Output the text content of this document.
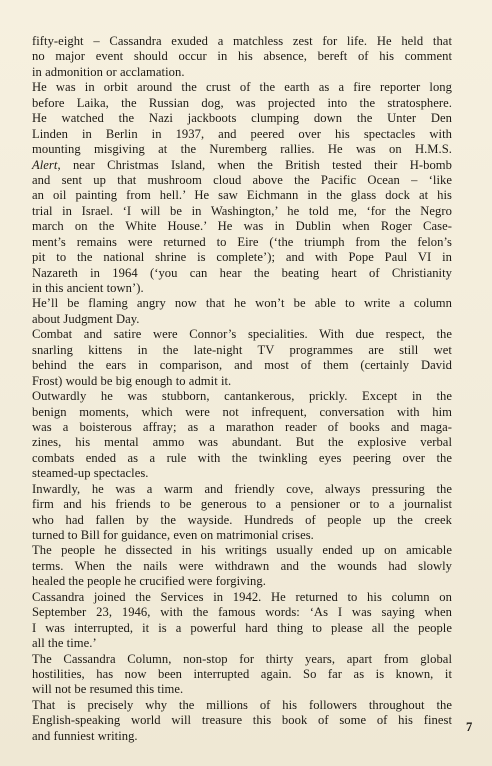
fifty-eight – Cassandra exuded a matchless zest for life. He held that
no major event should occur in his absence, bereft of his comment
in admonition or acclamation.
He was in orbit around the crust of the earth as a fire reporter long
before Laika, the Russian dog, was projected into the stratosphere.
He watched the Nazi jackboots clumping down the Unter Den
Linden in Berlin in 1937, and peered over his spectacles with
mounting misgiving at the Nuremberg rallies. He was on H.M.S.
Alert, near Christmas Island, when the British tested their H-bomb
and sent up that mushroom cloud above the Pacific Ocean – ‘like
an oil painting from hell.’ He saw Eichmann in the glass dock at his
trial in Israel. ‘I will be in Washington,’ he told me, ‘for the Negro
march on the White House.’ He was in Dublin when Roger Case-
ment’s remains were returned to Eire (‘the triumph from the felon’s
pit to the national shrine is complete’); and with Pope Paul VI in
Nazareth in 1964 (‘you can hear the beating heart of Christianity
in this ancient town’).
He’ll be flaming angry now that he won’t be able to write a column
about Judgment Day.
Combat and satire were Connor’s specialities. With due respect, the
snarling kittens in the late-night TV programmes are still wet
behind the ears in comparison, and most of them (certainly David
Frost) would be big enough to admit it.
Outwardly he was stubborn, cantankerous, prickly. Except in the
benign moments, which were not infrequent, conversation with him
was a boisterous affray; as a marathon reader of books and maga-
zines, his mental ammo was abundant. But the explosive verbal
combats ended as a rule with the twinkling eyes peering over the
steamed-up spectacles.
Inwardly, he was a warm and friendly cove, always pressuring the
firm and his friends to be generous to a pensioner or to a journalist
who had fallen by the wayside. Hundreds of people up the creek
turned to Bill for guidance, even on matrimonial crises.
The people he dissected in his writings usually ended up on amicable
terms. When the nails were withdrawn and the wounds had slowly
healed the people he crucified were forgiving.
Cassandra joined the Services in 1942. He returned to his column on
September 23, 1946, with the famous words: ‘As I was saying when
I was interrupted, it is a powerful hard thing to please all the people
all the time.’
The Cassandra Column, non-stop for thirty years, apart from global
hostilities, has now been interrupted again. So far as is known, it
will not be resumed this time.
That is precisely why the millions of his followers throughout the
English-speaking world will treasure this book of some of his finest
and funniest writing.
7
